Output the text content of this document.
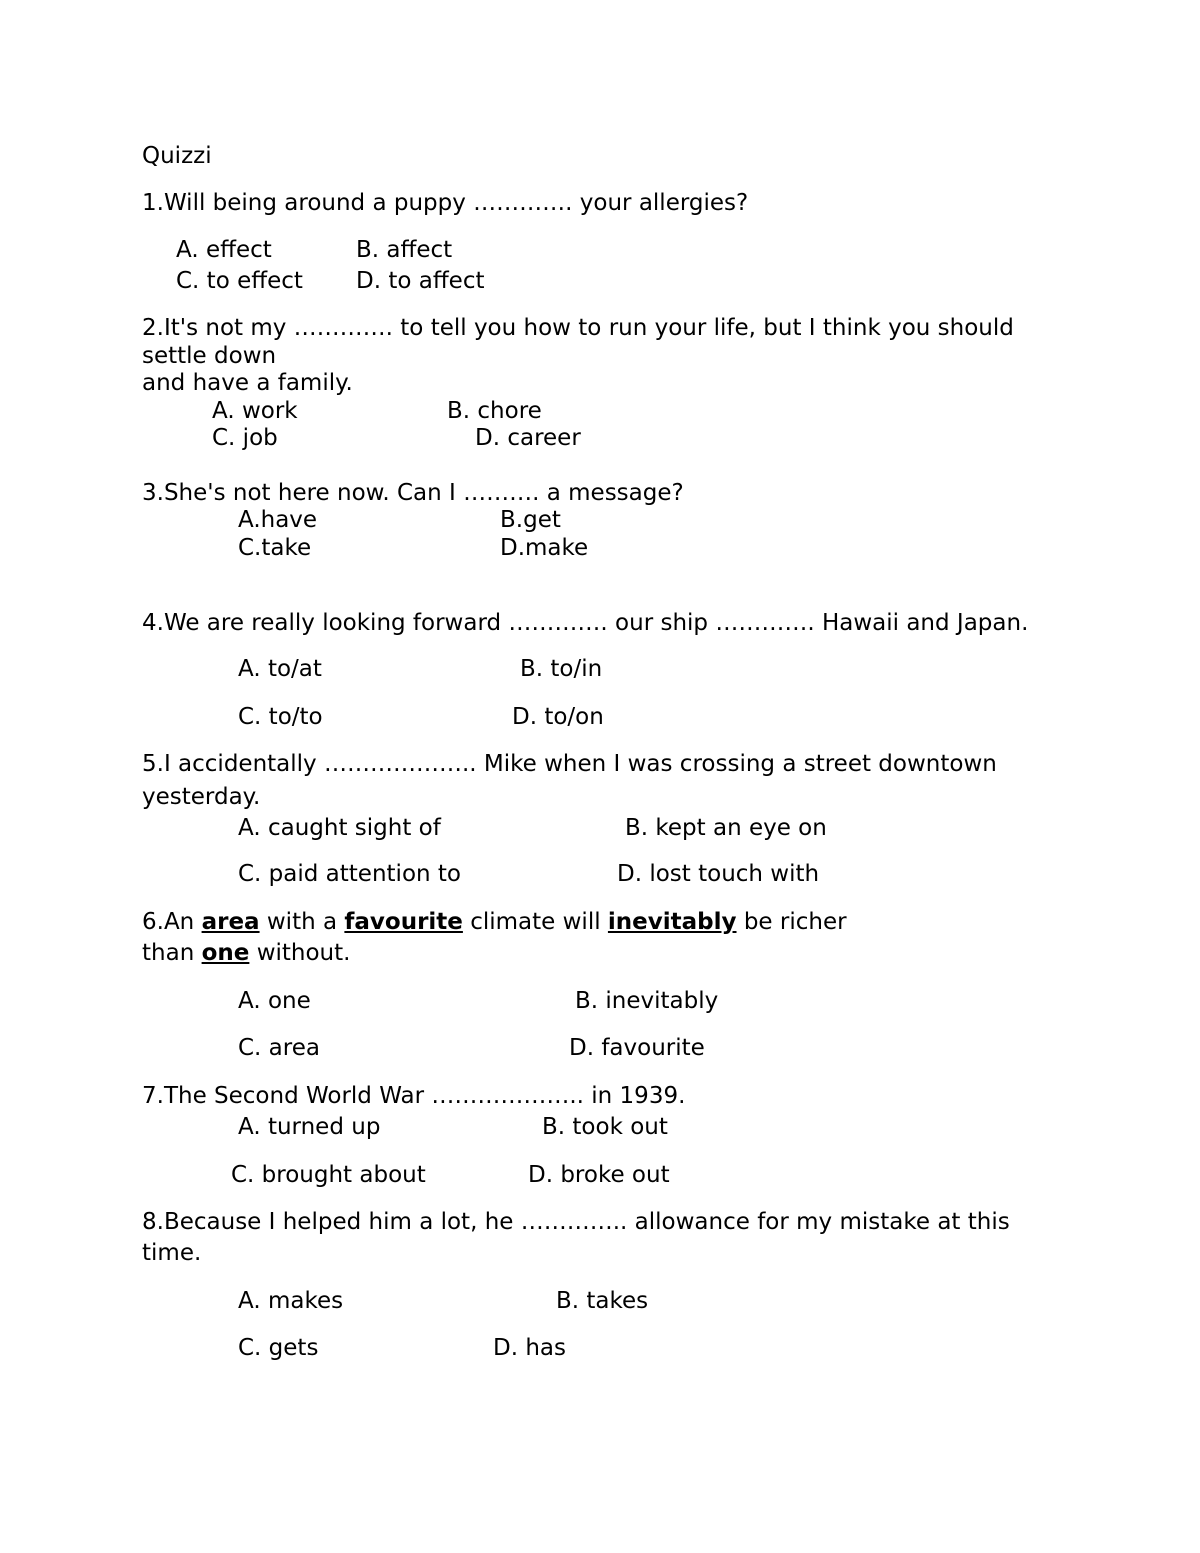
Quizzi
1.Will being around a puppy …………. your allergies?
A. effect	B. affect
C. to effect D. to affect
2.It's not my …………. to tell you how to run your life, but I think you should
settle down
and have a family.
A. work	B. chore
C. job	D. career
3.She's not here now. Can I ………. a message?
A.have	B.get
C.take	D.make
4.We are really looking forward …………. our ship …………. Hawaii and Japan.
A. to/at	B. to/in
C. to/to	D. to/on
5.I accidentally ……………….. Mike when I was crossing a street downtown
yesterday.
A. caught sight of	B. kept an eye on
C. paid attention to	D. lost touch with
6.An area with a favourite climate will inevitably be richer
than one without.
A. one	B. inevitably
C. area	D. favourite
7.The Second World War ……………….. in 1939.
A. turned up	B. took out
C. brought about	D. broke out
8.Because I helped him a lot, he ………….. allowance for my mistake at this
time.
A. makes	B. takes
C. gets	D. has
